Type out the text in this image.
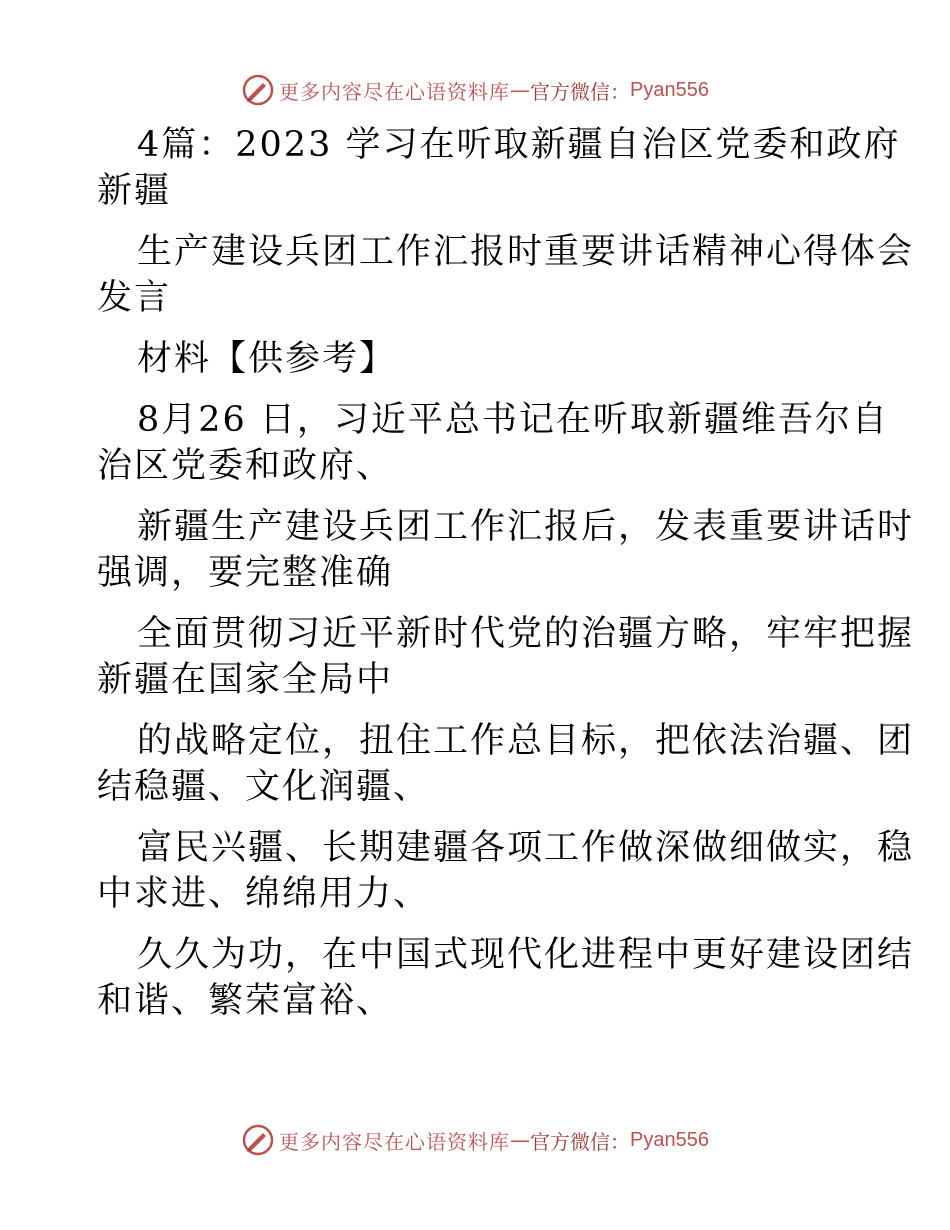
更多内容尽在心语资料库 — 官方微信： Pyan556
4篇：2023 学习在听取新疆自治区党委和政府
新疆
生产建设兵团工作汇报时重要讲话精神心得体会
发言
材料【供参考】
8月26 日，习近平总书记在听取新疆维吾尔自
治区党委和政府、
新疆生产建设兵团工作汇报后，发表重要讲话时
强调，要完整准确
全面贯彻习近平新时代党的治疆方略，牢牢把握
新疆在国家全局中
的战略定位，扭住工作总目标，把依法治疆、团
结稳疆、文化润疆、
富民兴疆、长期建疆各项工作做深做细做实，稳
中求进、绵绵用力、
久久为功，在中国式现代化进程中更好建设团结
和谐、繁荣富裕、
更多内容尽在心语资料库 — 官方微信： Pyan556
